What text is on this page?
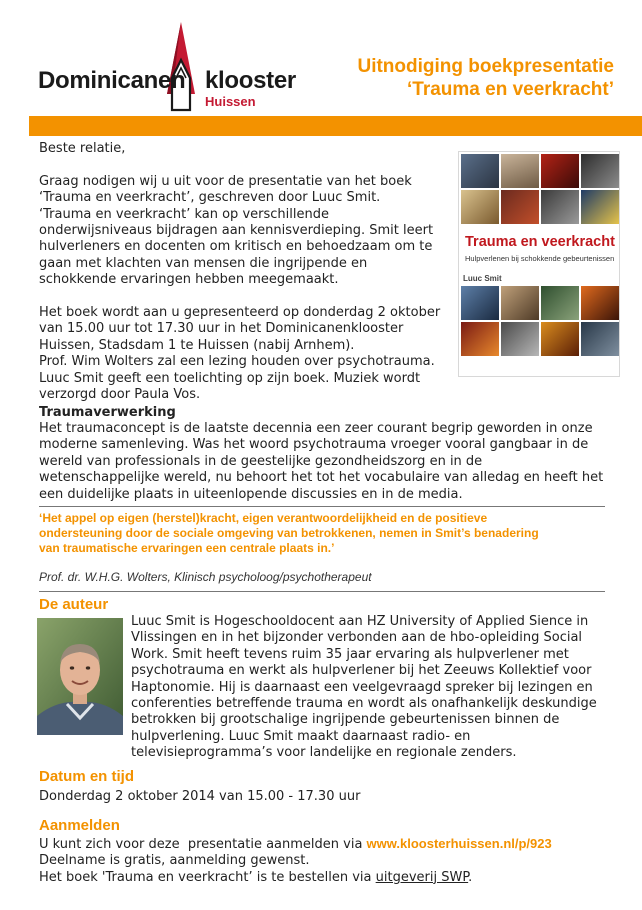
Dominicanen klooster
Huissen
Uitnodiging boekpresentatie
‘Trauma en veerkracht’

Beste relatie,

Graag nodigen wij u uit voor de presentatie van het boek

‘Trauma en veerkracht’, geschreven door Luuc Smit.

‘Trauma en veerkracht’ kan op verschillende

onderwijsniveaus bijdragen aan kennisverdieping. Smit leert

hulverleners en docenten om kritisch en behoedzaam om te

gaan met klachten van mensen die ingrijpende en

schokkende ervaringen hebben meegemaakt.

Het boek wordt aan u gepresenteerd op donderdag 2 oktober

van 15.00 uur tot 17.30 uur in het Dominicanenklooster

Huissen, Stadsdam 1 te Huissen (nabij Arnhem).

Prof. Wim Wolters zal een lezing houden over psychotrauma.

Luuc Smit geeft een toelichting op zijn boek. Muziek wordt

verzorgd door Paula Vos.

Trauma en veerkracht
Hulpverlenen bij schokkende gebeurtenissen
Luuc Smit
Traumaverwerking

Het traumaconcept is de laatste decennia een zeer courant begrip geworden in onze

moderne samenleving. Was het woord psychotrauma vroeger vooral gangbaar in de

wereld van professionals in de geestelijke gezondheidszorg en in de

wetenschappelijke wereld, nu behoort het tot het vocabulaire van alledag en heeft het

een duidelijke plaats in uiteenlopende discussies en in de media.

‘Het appel op eigen (herstel)kracht, eigen verantwoordelijkheid en de positieve
ondersteuning door de sociale omgeving van betrokkenen, nemen in Smit’s benadering
van traumatische ervaringen een centrale plaats in.’
Prof. dr. W.H.G. Wolters, Klinisch psycholoog/psychotherapeut
De auteur

Luuc Smit is Hogeschooldocent aan HZ University of Applied Sience in

Vlissingen en in het bijzonder verbonden aan de hbo-opleiding Social

Work. Smit heeft tevens ruim 35 jaar ervaring als hulpverlener met

psychotrauma en werkt als hulpverlener bij het Zeeuws Kollektief voor

Haptonomie. Hij is daarnaast een veelgevraagd spreker bij lezingen en

conferenties betreffende trauma en wordt als onafhankelijk deskundige

betrokken bij grootschalige ingrijpende gebeurtenissen binnen de

hulpverlening. Luuc Smit maakt daarnaast radio- en

televisieprogramma’s voor landelijke en regionale zenders.

Datum en tijd
Donderdag 2 oktober 2014 van 15.00 - 17.30 uur
Aanmelden

U kunt zich voor deze  presentatie aanmelden via www.kloosterhuissen.nl/p/923

Deelname is gratis, aanmelding gewenst.

Het boek 'Trauma en veerkracht’ is te bestellen via uitgeverij SWP.
